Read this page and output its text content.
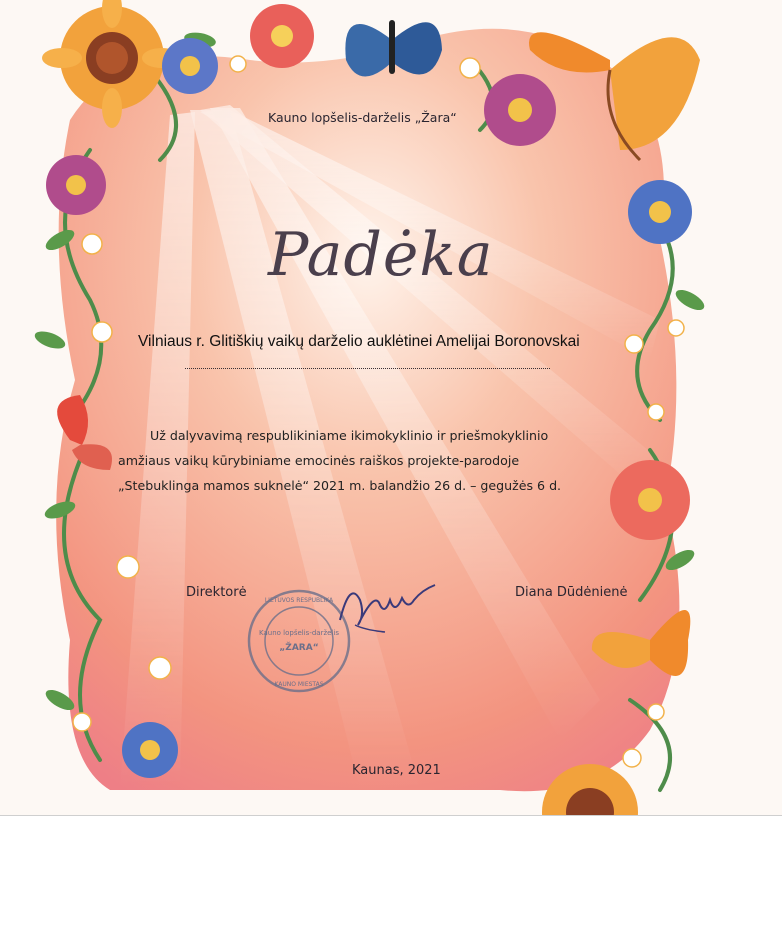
Kauno lopšelis-darželis „Žara“
Padėka
Vilniaus r. Glitiškių vaikų darželio auklėtinei Amelijai Boronovskai
Už dalyvavimą respublikiniame ikimokyklinio ir priešmokyklinio
amžiaus vaikų kūrybiniame emocinės raiškos projekte-parodoje
„Stebuklinga mamos suknelė“ 2021 m. balandžio 26 d. – gegužės 6 d.
Direktorė	Diana Dūdėnienė
Kauno lopšelis-darželis
„ŽARA“
LIETUVOS RESPUBLIKA
KAUNO MIESTAS
Kaunas, 2021
